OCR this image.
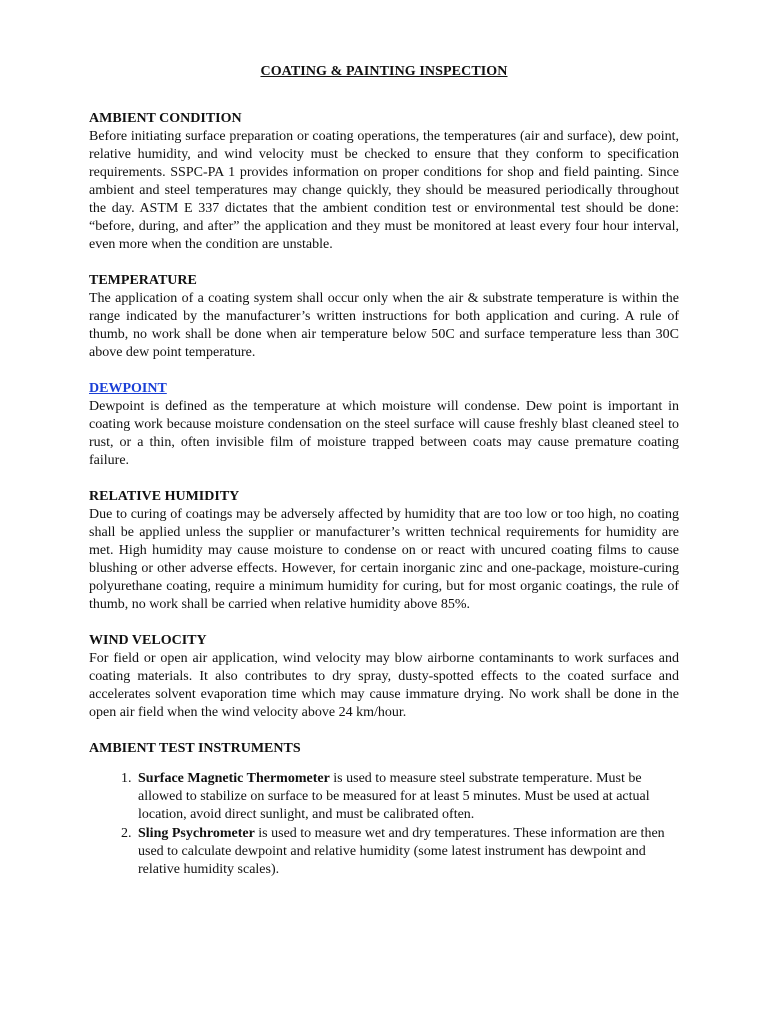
COATING & PAINTING INSPECTION

AMBIENT CONDITION

Before initiating surface preparation or coating operations, the temperatures (air and surface), dew point, relative humidity, and wind velocity must be checked to ensure that they conform to specification requirements. SSPC-PA 1 provides information on proper conditions for shop and field painting. Since ambient and steel temperatures may change quickly, they should be measured periodically throughout the day. ASTM E 337 dictates that the ambient condition test or environmental test should be done: “before, during, and after” the application and they must be monitored at least every four hour interval, even more when the condition are unstable.

TEMPERATURE

The application of a coating system shall occur only when the air & substrate temperature is within the range indicated by the manufacturer’s written instructions for both application and curing. A rule of thumb, no work shall be done when air temperature below 50C and surface temperature less than 30C above dew point temperature.

DEWPOINT

Dewpoint is defined as the temperature at which moisture will condense. Dew point is important in coating work because moisture condensation on the steel surface will cause freshly blast cleaned steel to rust, or a thin, often invisible film of moisture trapped between coats may cause premature coating failure.

RELATIVE HUMIDITY

Due to curing of coatings may be adversely affected by humidity that are too low or too high, no coating shall be applied unless the supplier or manufacturer’s written technical requirements for humidity are met. High humidity may cause moisture to condense on or react with uncured coating films to cause blushing or other adverse effects. However, for certain inorganic zinc and one-package, moisture-curing polyurethane coating, require a minimum humidity for curing, but for most organic coatings, the rule of thumb, no work shall be carried when relative humidity above 85%.

WIND VELOCITY

For field or open air application, wind velocity may blow airborne contaminants to work surfaces and coating materials. It also contributes to dry spray, dusty-spotted effects to the coated surface and accelerates solvent evaporation time which may cause immature drying. No work shall be done in the open air field when the wind velocity above 24 km/hour.

AMBIENT TEST INSTRUMENTS

1. Surface Magnetic Thermometer is used to measure steel substrate temperature. Must be allowed to stabilize on surface to be measured for at least 5 minutes. Must be used at actual location, avoid direct sunlight, and must be calibrated often.
2. Sling Psychrometer is used to measure wet and dry temperatures. These information are then used to calculate dewpoint and relative humidity (some latest instrument has dewpoint and relative humidity scales).
